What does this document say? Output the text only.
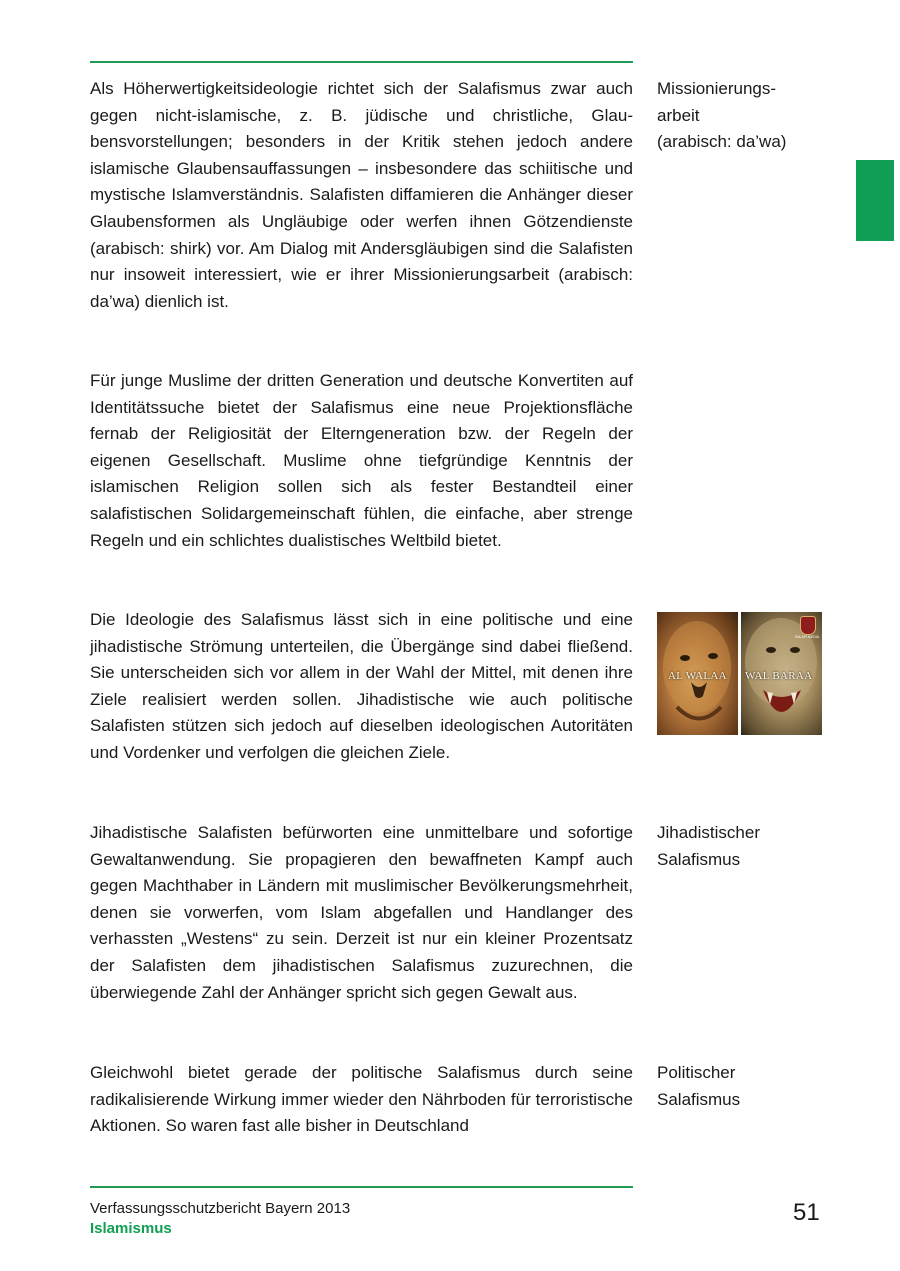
Als Höherwertigkeitsideologie richtet sich der Salafismus zwar auch gegen nicht-islamische, z. B. jüdische und christliche, Glaubensvorstellungen; besonders in der Kritik stehen jedoch andere islamische Glaubensauffassungen – insbesondere das schiitische und mystische Islamverständnis. Salafisten diffamieren die Anhänger dieser Glaubensformen als Ungläubige oder werfen ihnen Götzendienste (arabisch: shirk) vor. Am Dialog mit Andersgläubigen sind die Salafisten nur insoweit interessiert, wie er ihrer Missionierungsarbeit (arabisch: da’wa) dienlich ist.

Für junge Muslime der dritten Generation und deutsche Konvertiten auf Identitätssuche bietet der Salafismus eine neue Projektionsfläche fernab der Religiosität der Elterngeneration bzw. der Regeln der eigenen Gesellschaft. Muslime ohne tiefgründige Kenntnis der islamischen Religion sollen sich als fester Bestandteil einer salafistischen Solidargemeinschaft fühlen, die einfache, aber strenge Regeln und ein schlichtes dualistisches Weltbild bietet.

Die Ideologie des Salafismus lässt sich in eine politische und eine jihadistische Strömung unterteilen, die Übergänge sind dabei fließend. Sie unterscheiden sich vor allem in der Wahl der Mittel, mit denen ihre Ziele realisiert werden sollen. Jihadistische wie auch politische Salafisten stützen sich jedoch auf dieselben ideologischen Autoritäten und Vordenker und verfolgen die gleichen Ziele.

Jihadistische Salafisten befürworten eine unmittelbare und sofortige Gewaltanwendung. Sie propagieren den bewaffneten Kampf auch gegen Machthaber in Ländern mit muslimischer Bevölkerungsmehrheit, denen sie vorwerfen, vom Islam abgefallen und Handlanger des verhassten „Westens“ zu sein. Derzeit ist nur ein kleiner Prozentsatz der Salafisten dem jihadistischen Salafismus zuzurechnen, die überwiegende Zahl der Anhänger spricht sich gegen Gewalt aus.

Gleichwohl bietet gerade der politische Salafismus durch seine radikalisierende Wirkung immer wieder den Nährboden für terroristische Aktionen. So waren fast alle bisher in Deutschland

Missionierungs-
arbeit
(arabisch: da’wa)

Jihadistischer
Salafismus

Politischer
Salafismus

AL WALAA
SALAFI MEDIA
WAL BARAA
Verfassungsschutzbericht Bayern 2013
Islamismus
51
